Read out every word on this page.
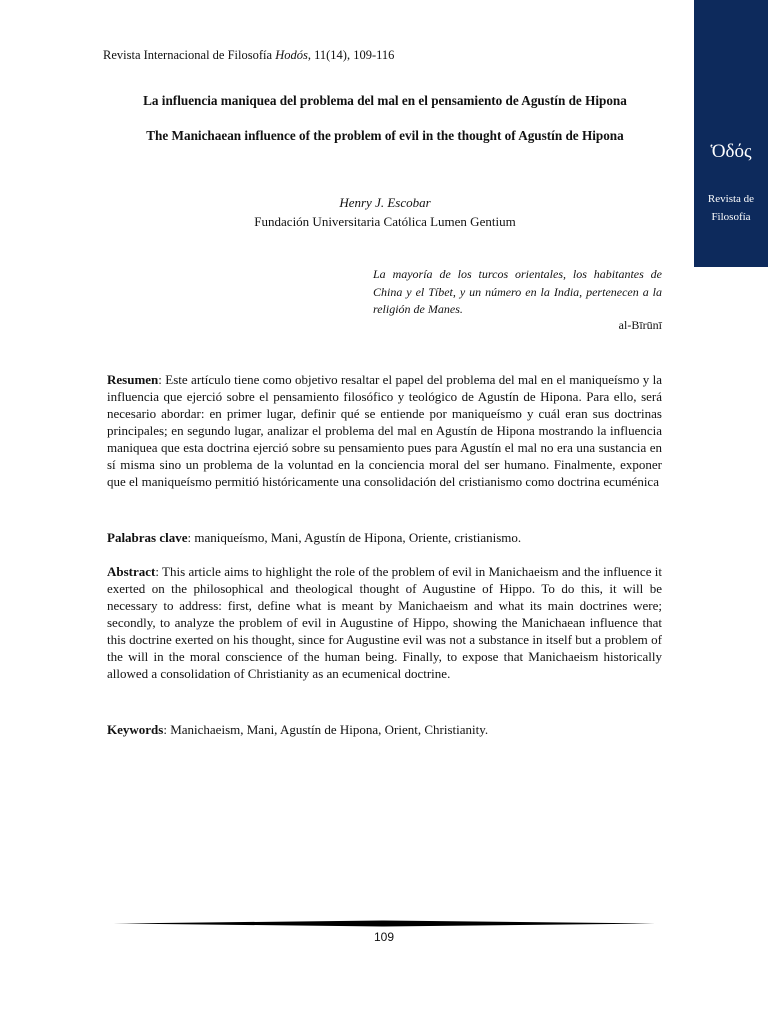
Revista Internacional de Filosofía Hodós, 11(14), 109-116
Ὁδός
Revista de Filosofía
La influencia maniquea del problema del mal en el pensamiento de Agustín de Hipona
The Manichaean influence of the problem of evil in the thought of Agustín de Hipona
Henry J. Escobar
Fundación Universitaria Católica Lumen Gentium
La mayoría de los turcos orientales, los habitantes de China y el Tíbet, y un número en la India, pertenecen a la religión de Manes.
al-Bīrūnī

Resumen: Este artículo tiene como objetivo resaltar el papel del problema del mal en el maniqueísmo y la influencia que ejerció sobre el pensamiento filosófico y teológico de Agustín de Hipona. Para ello, será necesario abordar: en primer lugar, definir qué se entiende por maniqueísmo y cuál eran sus doctrinas principales; en segundo lugar, analizar el problema del mal en Agustín de Hipona mostrando la influencia maniquea que esta doctrina ejerció sobre su pensamiento pues para Agustín el mal no era una sustancia en sí misma sino un problema de la voluntad en la conciencia moral del ser humano. Finalmente, exponer que el maniqueísmo permitió históricamente una consolidación del cristianismo como doctrina ecuménica

Palabras clave: maniqueísmo, Mani, Agustín de Hipona, Oriente, cristianismo.

Abstract: This article aims to highlight the role of the problem of evil in Manichaeism and the influence it exerted on the philosophical and theological thought of Augustine of Hippo. To do this, it will be necessary to address: first, define what is meant by Manichaeism and what its main doctrines were; secondly, to analyze the problem of evil in Augustine of Hippo, showing the Manichaean influence that this doctrine exerted on his thought, since for Augustine evil was not a substance in itself but a problem of the will in the moral conscience of the human being. Finally, to expose that Manichaeism historically allowed a consolidation of Christianity as an ecumenical doctrine.

Keywords: Manichaeism, Mani, Agustín de Hipona, Orient, Christianity.

109
